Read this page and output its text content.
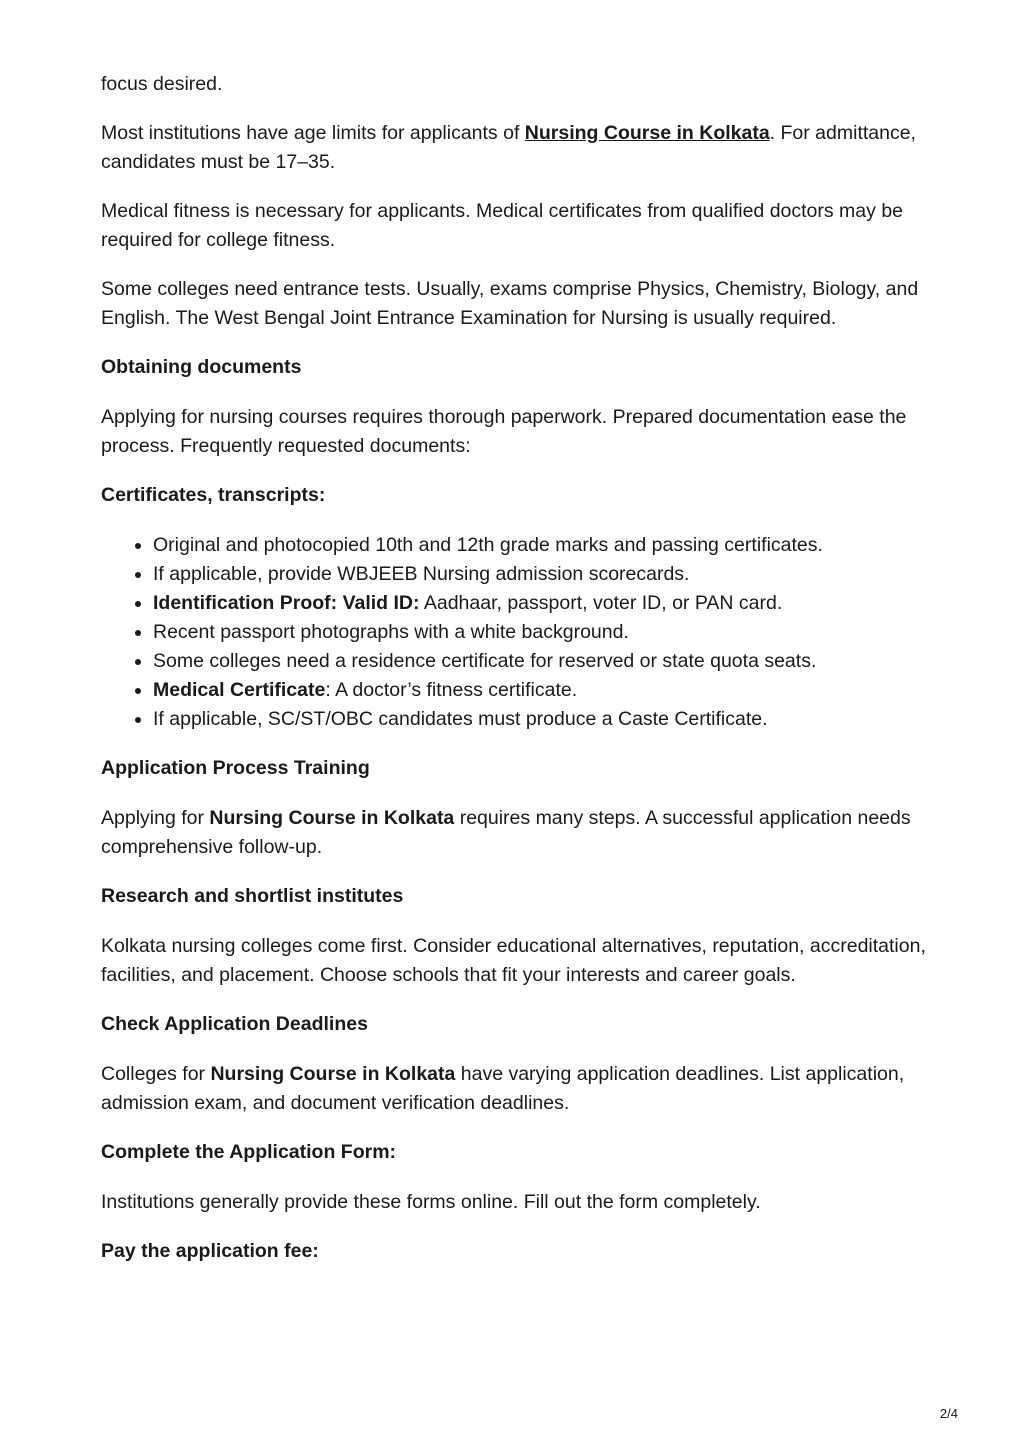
focus desired.

Most institutions have age limits for applicants of Nursing Course in Kolkata. For admittance, candidates must be 17–35.

Medical fitness is necessary for applicants. Medical certificates from qualified doctors may be required for college fitness.

Some colleges need entrance tests. Usually, exams comprise Physics, Chemistry, Biology, and English. The West Bengal Joint Entrance Examination for Nursing is usually required.

Obtaining documents

Applying for nursing courses requires thorough paperwork. Prepared documentation ease the process. Frequently requested documents:

Certificates, transcripts:

• Original and photocopied 10th and 12th grade marks and passing certificates.
• If applicable, provide WBJEEB Nursing admission scorecards.
• Identification Proof: Valid ID: Aadhaar, passport, voter ID, or PAN card.
• Recent passport photographs with a white background.
• Some colleges need a residence certificate for reserved or state quota seats.
• Medical Certificate: A doctor’s fitness certificate.
• If applicable, SC/ST/OBC candidates must produce a Caste Certificate.

Application Process Training

Applying for Nursing Course in Kolkata requires many steps. A successful application needs comprehensive follow-up.

Research and shortlist institutes

Kolkata nursing colleges come first. Consider educational alternatives, reputation, accreditation, facilities, and placement. Choose schools that fit your interests and career goals.

Check Application Deadlines

Colleges for Nursing Course in Kolkata have varying application deadlines. List application, admission exam, and document verification deadlines.

Complete the Application Form:

Institutions generally provide these forms online. Fill out the form completely.

Pay the application fee:

2/4
